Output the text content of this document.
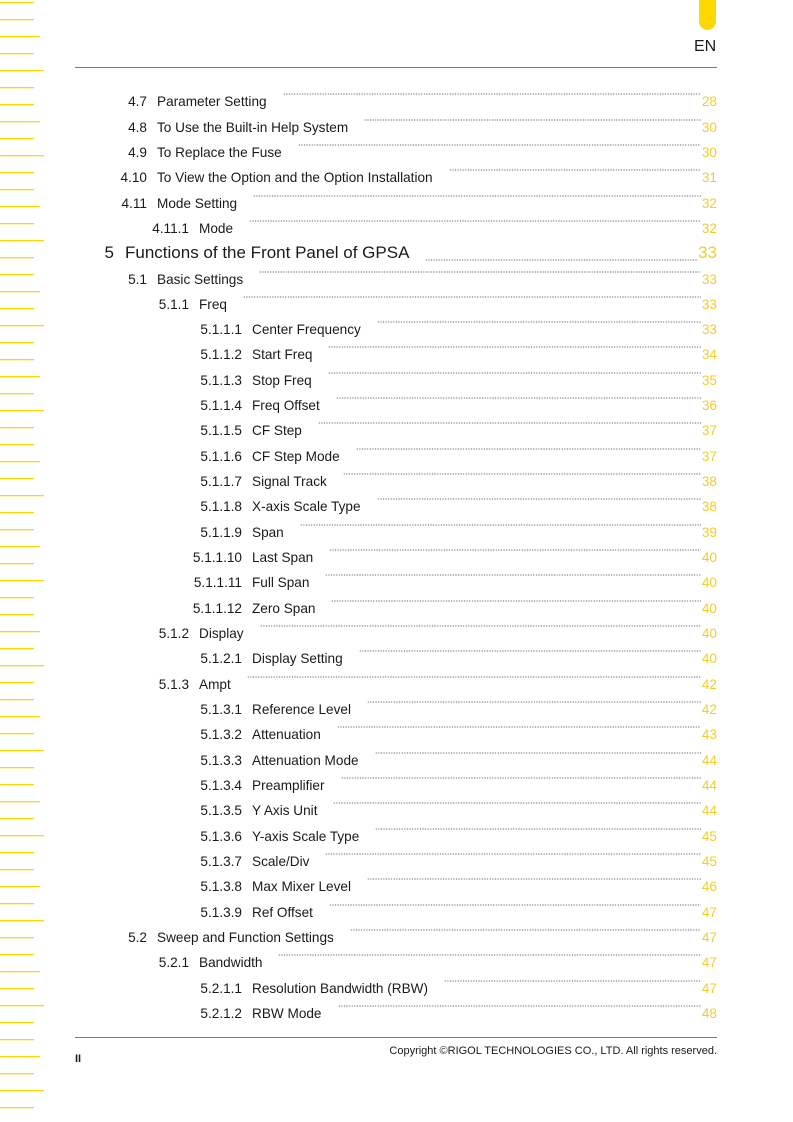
EN
4.7 Parameter Setting	28
4.8 To Use the Built-in Help System	30
4.9 To Replace the Fuse	30
4.10 To View the Option and the Option Installation	31
4.11 Mode Setting	32
4.11.1 Mode	32
5 Functions of the Front Panel of GPSA	33
5.1 Basic Settings	33
5.1.1 Freq	33
5.1.1.1 Center Frequency	33
5.1.1.2 Start Freq	34
5.1.1.3 Stop Freq	35
5.1.1.4 Freq Offset	36
5.1.1.5 CF Step	37
5.1.1.6 CF Step Mode	37
5.1.1.7 Signal Track	38
5.1.1.8 X-axis Scale Type	38
5.1.1.9 Span	39
5.1.1.10 Last Span	40
5.1.1.11 Full Span	40
5.1.1.12 Zero Span	40
5.1.2 Display	40
5.1.2.1 Display Setting	40
5.1.3 Ampt	42
5.1.3.1 Reference Level	42
5.1.3.2 Attenuation	43
5.1.3.3 Attenuation Mode	44
5.1.3.4 Preamplifier	44
5.1.3.5 Y Axis Unit	44
5.1.3.6 Y-axis Scale Type	45
5.1.3.7 Scale/Div	45
5.1.3.8 Max Mixer Level	46
5.1.3.9 Ref Offset	47
5.2 Sweep and Function Settings	47
5.2.1 Bandwidth	47
5.2.1.1 Resolution Bandwidth (RBW)	47
5.2.1.2 RBW Mode	48
II
Copyright ©RIGOL TECHNOLOGIES CO., LTD. All rights reserved.
